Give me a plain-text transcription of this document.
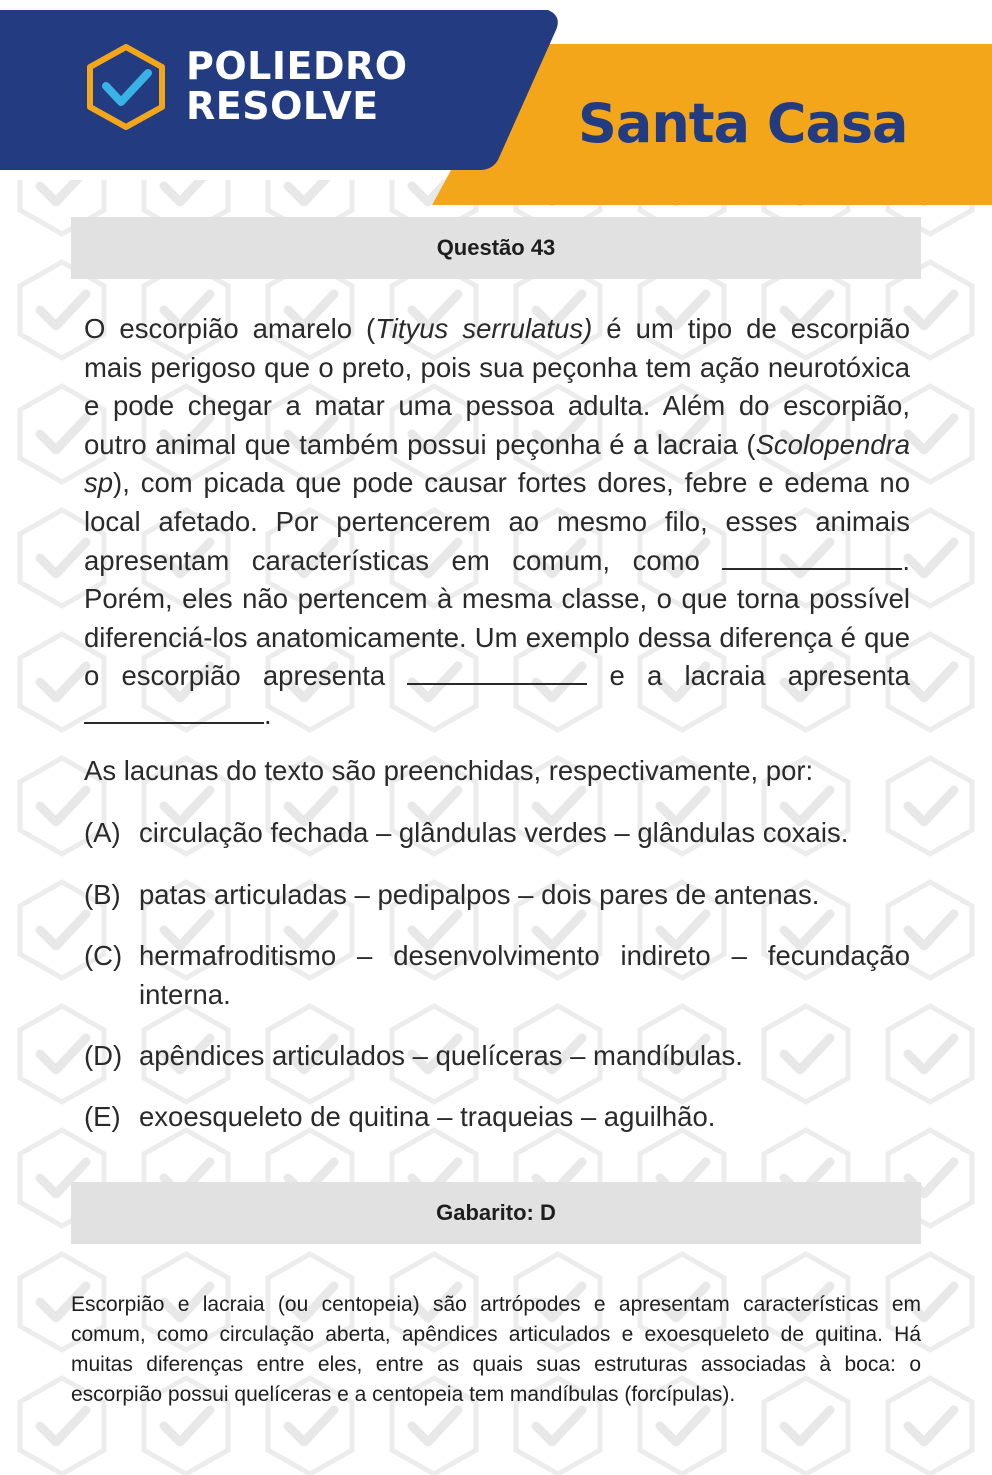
POLIEDRO
RESOLVE	Santa Casa
Questão 43
O escorpião amarelo (Tityus serrulatus) é um tipo de escorpião mais perigoso que o preto, pois sua peçonha tem ação neurotóxica e pode chegar a matar uma pessoa adulta. Além do escorpião, outro animal que também possui peçonha é a lacraia (Scolopendra sp), com picada que pode causar fortes dores, febre e edema no local afetado. Por pertencerem ao mesmo filo, esses animais apresentam características em comum, como	. Porém, eles não pertencem à mesma classe, o que torna possível diferenciá-los anatomicamente. Um exemplo dessa diferença é que o escorpião apresenta	e a lacraia apresenta .
As lacunas do texto são preenchidas, respectivamente, por:
(A) circulação fechada – glândulas verdes – glândulas coxais.
(B) patas articuladas – pedipalpos – dois pares de antenas.
(C) hermafroditismo – desenvolvimento indireto – fecundação interna.
(D) apêndices articulados – quelíceras – mandíbulas.
(E) exoesqueleto de quitina – traqueias – aguilhão.
Gabarito: D
Escorpião e lacraia (ou centopeia) são artrópodes e apresentam características em comum, como circulação aberta, apêndices articulados e exoesqueleto de quitina. Há muitas diferenças entre eles, entre as quais suas estruturas associadas à boca: o escorpião possui quelíceras e a centopeia tem mandíbulas (forcípulas).
